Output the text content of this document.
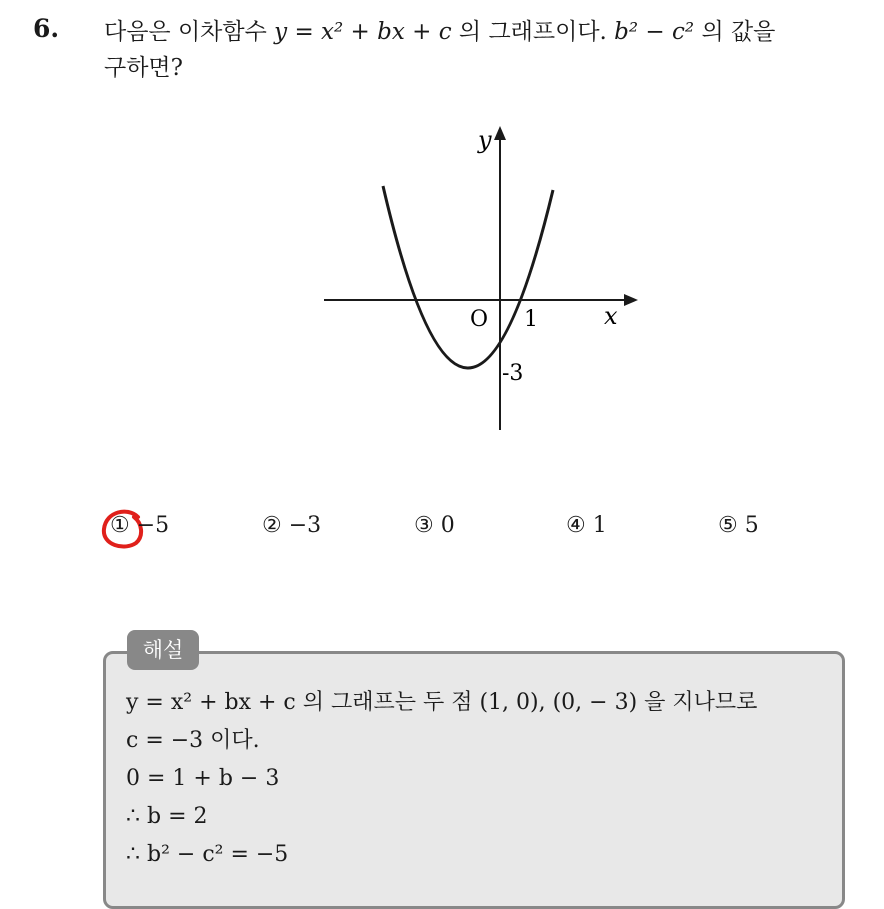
6. 다음은 이차함수 y = x² + bx + c 의 그래프이다. b² − c² 의 값을
구하면?
y
x
O 1
-3
① −5	② −3	③ 0	④ 1	⑤ 5
y = x² + bx + c 의 그래프는 두 점 (1, 0), (0, − 3) 을 지나므로
c = −3 이다.
0 = 1 + b − 3
∴ b = 2
∴ b² − c² = −5
해설
